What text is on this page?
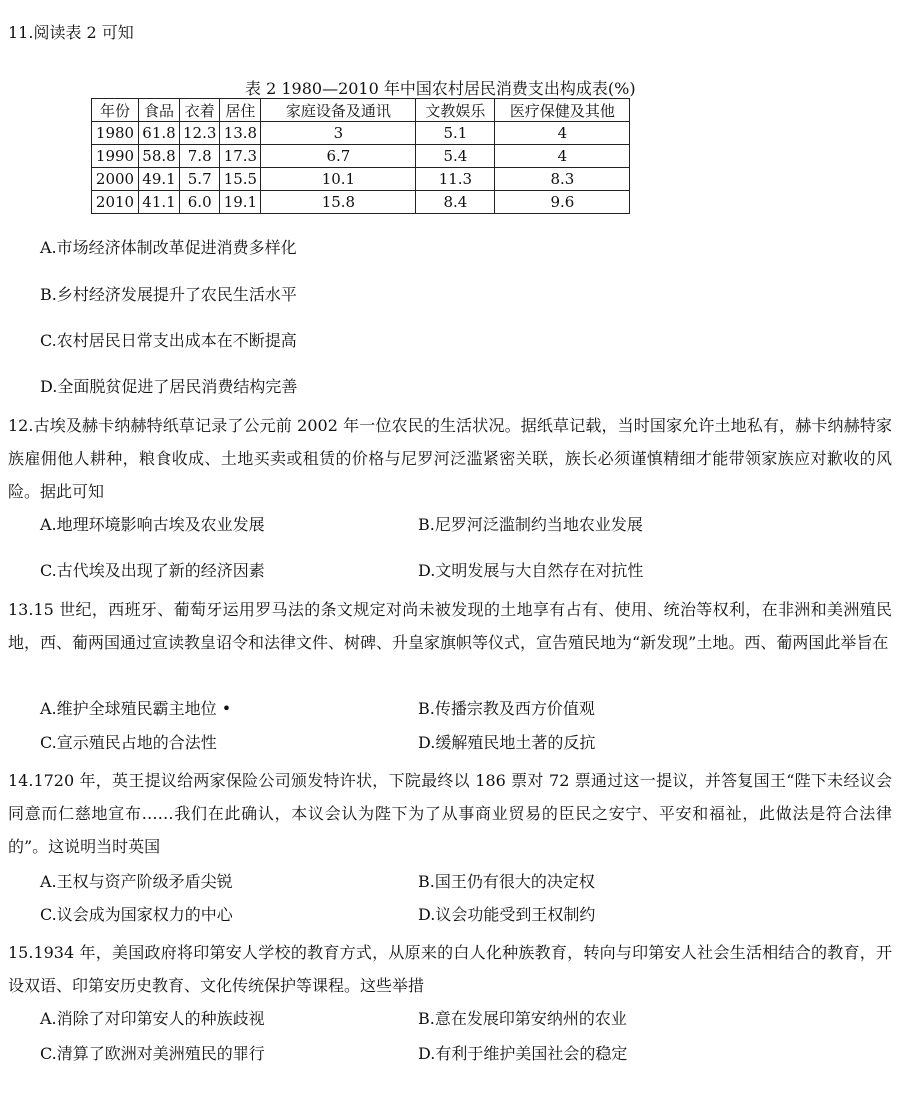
11.阅读表 2 可知
表 2 1980—2010 年中国农村居民消费支出构成表(%)
年份	食品	衣着	居住	家庭设备及通讯	文教娱乐	医疗保健及其他
1980	61.8	12.3	13.8	3	5.1	4
1990	58.8	7.8	17.3	6.7	5.4	4
2000	49.1	5.7	15.5	10.1	11.3	8.3
2010	41.1	6.0	19.1	15.8	8.4	9.6
A.市场经济体制改革促进消费多样化
B.乡村经济发展提升了农民生活水平
C.农村居民日常支出成本在不断提高
D.全面脱贫促进了居民消费结构完善
12.古埃及赫卡纳赫特纸草记录了公元前 2002 年一位农民的生活状况。据纸草记载，当时国家允许土地私有，赫卡纳赫特家族雇佣他人耕种，粮食收成、土地买卖或租赁的价格与尼罗河泛滥紧密关联，族长必须谨慎精细才能带领家族应对歉收的风险。据此可知
A.地理环境影响古埃及农业发展	B.尼罗河泛滥制约当地农业发展
C.古代埃及出现了新的经济因素	D.文明发展与大自然存在对抗性
13.15 世纪，西班牙、葡萄牙运用罗马法的条文规定对尚未被发现的土地享有占有、使用、统治等权利，在非洲和美洲殖民地，西、葡两国通过宣读教皇诏令和法律文件、树碑、升皇家旗帜等仪式，宣告殖民地为“新发现”土地。西、葡两国此举旨在
A.维护全球殖民霸主地位 •	B.传播宗教及西方价值观
C.宣示殖民占地的合法性	D.缓解殖民地土著的反抗
14.1720 年，英王提议给两家保险公司颁发特许状，下院最终以 186 票对 72 票通过这一提议，并答复国王“陛下未经议会同意而仁慈地宣布……我们在此确认，本议会认为陛下为了从事商业贸易的臣民之安宁、平安和福祉，此做法是符合法律的”。这说明当时英国
A.王权与资产阶级矛盾尖锐	B.国王仍有很大的决定权
C.议会成为国家权力的中心	D.议会功能受到王权制约
15.1934 年，美国政府将印第安人学校的教育方式，从原来的白人化种族教育，转向与印第安人社会生活相结合的教育，开设双语、印第安历史教育、文化传统保护等课程。这些举措
A.消除了对印第安人的种族歧视	B.意在发展印第安纳州的农业
C.清算了欧洲对美洲殖民的罪行	D.有利于维护美国社会的稳定
